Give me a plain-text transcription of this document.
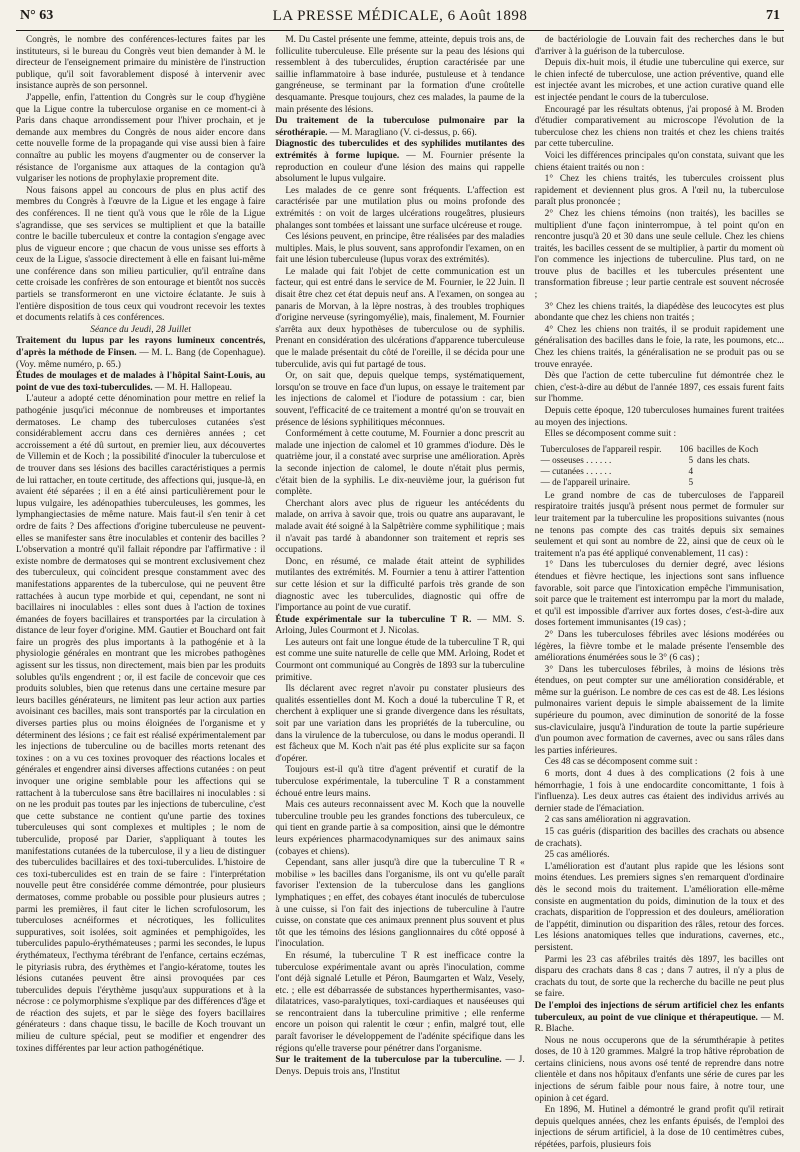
N° 63	LA PRESSE MÉDICALE, 6 Août 1898	71

Congrès, le nombre des conférences-lectures faites par les instituteurs, si le bureau du Congrès veut bien demander à M. le directeur de l'enseignement primaire du ministère de l'instruction publique, qu'il soit favorablement disposé à intervenir avec insistance auprès de son personnel.

J'appelle, enfin, l'attention du Congrès sur le coup d'hygiène que la Ligue contre la tuberculose organise en ce moment-ci à Paris dans chaque arrondissement pour l'hiver prochain, et je demande aux membres du Congrès de nous aider encore dans cette nouvelle forme de la propagande qui vise aussi bien à faire connaître au public les moyens d'augmenter ou de conserver la résistance de l'organisme aux attaques de la contagion qu'à vulgariser les notions de prophylaxie proprement dite.

Nous faisons appel au concours de plus en plus actif des membres du Congrès à l'œuvre de la Ligue et les engage à faire des conférences. Il ne tient qu'à vous que le rôle de la Ligue s'agrandisse, que ses services se multiplient et que la bataille contre le bacille tuberculeux et contre la contagion s'engage avec plus de vigueur encore ; que chacun de vous unisse ses efforts à ceux de la Ligue, s'associe directement à elle en faisant lui-même une conférence dans son milieu particulier, qu'il entraîne dans cette croisade les confrères de son entourage et bientôt nos succès partiels se transformeront en une victoire éclatante. Je suis à l'entière disposition de tous ceux qui voudront recevoir les textes et documents relatifs à ces conférences.

Séance du Jeudi, 28 Juillet

Traitement du lupus par les rayons lumineux concentrés, d'après la méthode de Finsen. — M. L. Bang (de Copenhague). (Voy. même numéro, p. 65.)

Études de moulages et de malades à l'hôpital Saint-Louis, au point de vue des toxi-tuberculides. — M. H. Hallopeau.

L'auteur a adopté cette dénomination pour mettre en relief la pathogénie jusqu'ici méconnue de nombreuses et importantes dermatoses. Le champ des tuberculoses cutanées s'est considérablement accru dans ces dernières années ; cet accroissement a été dû surtout, en premier lieu, aux découvertes de Villemin et de Koch ; la possibilité d'inoculer la tuberculose et de trouver dans ses lésions des bacilles caractéristiques a permis de lui rattacher, en toute certitude, des affections qui, jusque-là, en avaient été séparées ; il en a été ainsi particulièrement pour le lupus vulgaire, les adénopathies tuberculeuses, les gommes, les lymphangiectasies de même nature. Mais faut-il s'en tenir à cet ordre de faits ? Des affections d'origine tuberculeuse ne peuvent-elles se manifester sans être inoculables et contenir des bacilles ? L'observation a montré qu'il fallait répondre par l'affirmative : il existe nombre de dermatoses qui se montrent exclusivement chez des tuberculeux, qui coïncident presque constamment avec des manifestations apparentes de la tuberculose, qui ne peuvent être rattachées à aucun type morbide et qui, cependant, ne sont ni bacillaires ni inoculables : elles sont dues à l'action de toxines émanées de foyers bacillaires et transportées par la circulation à distance de leur foyer d'origine. MM. Gautier et Bouchard ont fait faire un progrès des plus importants à la pathogénie et à la physiologie générales en montrant que les microbes pathogènes agissent sur les tissus, non directement, mais bien par les produits solubles qu'ils engendrent ; or, il est facile de concevoir que ces produits solubles, bien que retenus dans une certaine mesure par leurs bacilles générateurs, ne limitent pas leur action aux parties avoisinant ces bacilles, mais sont transportés par la circulation en diverses parties plus ou moins éloignées de l'organisme et y déterminent des lésions ; ce fait est réalisé expérimentalement par les injections de tuberculine ou de bacilles morts retenant des toxines : on a vu ces toxines provoquer des réactions locales et générales et engendrer ainsi diverses affections cutanées : on peut invoquer une origine semblable pour les affections qui se rattachent à la tuberculose sans être bacillaires ni inoculables : si on ne les produit pas toutes par les injections de tuberculine, c'est que cette substance ne contient qu'une partie des toxines tuberculeuses qui sont complexes et multiples ; le nom de tuberculide, proposé par Darier, s'appliquant à toutes les manifestations cutanées de la tuberculose, il y a lieu de distinguer des tuberculides bacillaires et des toxi-tuberculides. L'histoire de ces toxi-tuberculides est en train de se faire : l'interprétation nouvelle peut être considérée comme démontrée, pour plusieurs dermatoses, comme probable ou possible pour plusieurs autres ; parmi les premières, il faut citer le lichen scrofulosorum, les tuberculoses acnéiformes et nécrotiques, les folliculites suppuratives, soit isolées, soit agminées et pemphigoïdes, les tuberculides papulo-érythémateuses ; parmi les secondes, le lupus érythémateux, l'ecthyma térébrant de l'enfance, certains eczémas, le pityriasis rubra, des érythèmes et l'angio-kératome, toutes les lésions cutanées peuvent être ainsi provoquées par ces tuberculides depuis l'érythème jusqu'aux suppurations et à la nécrose : ce polymorphisme s'explique par des différences d'âge et de réaction des sujets, et par le siège des foyers bacillaires générateurs : dans chaque tissu, le bacille de Koch trouvant un milieu de culture spécial, peut se modifier et engendrer des toxines différentes par leur action pathogénétique.

M. Du Castel présente une femme, atteinte, depuis trois ans, de folliculite tuberculeuse. Elle présente sur la peau des lésions qui ressemblent à des tuberculides, éruption caractérisée par une saillie inflammatoire à base indurée, pustuleuse et à tendance gangréneuse, se terminant par la formation d'une croûtelle desquamante. Presque toujours, chez ces malades, la paume de la main présente des lésions.

Du traitement de la tuberculose pulmonaire par la sérothérapie. — M. Maragliano (V. ci-dessus, p. 66).

Diagnostic des tuberculides et des syphilides mutilantes des extrémités à forme lupique. — M. Fournier présente la reproduction en couleur d'une lésion des mains qui rappelle absolument le lupus vulgaire.

Les malades de ce genre sont fréquents. L'affection est caractérisée par une mutilation plus ou moins profonde des extrémités : on voit de larges ulcérations rougeâtres, plusieurs phalanges sont tombées et laissant une surface ulcéreuse et rouge.

Ces lésions peuvent, en principe, être réalisées par des maladies multiples. Mais, le plus souvent, sans approfondir l'examen, on en fait une lésion tuberculeuse (lupus vorax des extrémités).

Le malade qui fait l'objet de cette communication est un facteur, qui est entré dans le service de M. Fournier, le 22 Juin. Il disait être chez cet état depuis neuf ans. A l'examen, on songea au panaris de Morvan, à la lèpre nostras, à des troubles trophiques d'origine nerveuse (syringomyélie), mais, finalement, M. Fournier s'arrêta aux deux hypothèses de tuberculose ou de syphilis. Prenant en considération des ulcérations d'apparence tuberculeuse que le malade présentait du côté de l'oreille, il se décida pour une tuberculide, avis qui fut partagé de tous.

Or, on sait que, depuis quelque temps, systématiquement, lorsqu'on se trouve en face d'un lupus, on essaye le traitement par les injections de calomel et l'iodure de potassium : car, bien souvent, l'efficacité de ce traitement a montré qu'on se trouvait en présence de lésions syphilitiques méconnues.

Conformément à cette coutume, M. Fournier a donc prescrit au malade une injection de calomel et 10 grammes d'iodure. Dès le quatrième jour, il a constaté avec surprise une amélioration. Après la seconde injection de calomel, le doute n'était plus permis, c'était bien de la syphilis. Le dix-neuvième jour, la guérison fut complète.

Cherchant alors avec plus de rigueur les antécédents du malade, on arriva à savoir que, trois ou quatre ans auparavant, le malade avait été soigné à la Salpêtrière comme syphilitique ; mais il n'avait pas tardé à abandonner son traitement et repris ses occupations.

Donc, en résumé, ce malade était atteint de syphilides mutilantes des extrémités. M. Fournier a tenu à attirer l'attention sur cette lésion et sur la difficulté parfois très grande de son diagnostic avec les tuberculides, diagnostic qui offre de l'importance au point de vue curatif.

Étude expérimentale sur la tuberculine T R. — MM. S. Arloing, Jules Courmont et J. Nicolas.

Les auteurs ont fait une longue étude de la tuberculine T R, qui est comme une suite naturelle de celle que MM. Arloing, Rodet et Courmont ont communiqué au Congrès de 1893 sur la tuberculine primitive.

Ils déclarent avec regret n'avoir pu constater plusieurs des qualités essentielles dont M. Koch a doué la tuberculine T R, et cherchent à expliquer une si grande divergence dans les résultats, soit par une variation dans les propriétés de la tuberculine, ou dans la virulence de la tuberculose, ou dans le modus operandi. Il est fâcheux que M. Koch n'ait pas été plus explicite sur sa façon d'opérer.

Toujours est-il qu'à titre d'agent préventif et curatif de la tuberculose expérimentale, la tuberculine T R a constamment échoué entre leurs mains.

Mais ces auteurs reconnaissent avec M. Koch que la nouvelle tuberculine trouble peu les grandes fonctions des tuberculeux, ce qui tient en grande partie à sa composition, ainsi que le démontre leurs expériences pharmacodynamiques sur des animaux sains (cobayes et chiens).

Cependant, sans aller jusqu'à dire que la tuberculine T R « mobilise » les bacilles dans l'organisme, ils ont vu qu'elle paraît favoriser l'extension de la tuberculose dans les ganglions lymphatiques ; en effet, des cobayes étant inoculés de tuberculose à une cuisse, si l'on fait des injections de tuberculine à l'autre cuisse, on constate que ces animaux prennent plus souvent et plus tôt que les témoins des lésions ganglionnaires du côté opposé à l'inoculation.

En résumé, la tuberculine T R est inefficace contre la tuberculose expérimentale avant ou après l'inoculation, comme l'ont déjà signalé Letulle et Péron, Baumgarten et Walz, Vesely, etc. ; elle est débarrassée de substances hyperthermisantes, vaso-dilatatrices, vaso-paralytiques, toxi-cardiaques et nauséeuses qui se rencontraient dans la tuberculine primitive ; elle renferme encore un poison qui ralentit le cœur ; enfin, malgré tout, elle paraît favoriser le développement de l'adénite spécifique dans les régions qu'elle traverse pour pénétrer dans l'organisme.

Sur le traitement de la tuberculose par la tuberculine. — J. Denys. Depuis trois ans, l'Institut

de bactériologie de Louvain fait des recherches dans le but d'arriver à la guérison de la tuberculose.

Depuis dix-huit mois, il étudie une tuberculine qui exerce, sur le chien infecté de tuberculose, une action préventive, quand elle est injectée avant les microbes, et une action curative quand elle est injectée pendant le cours de la tuberculose.

Encouragé par les résultats obtenus, j'ai proposé à M. Broden d'étudier comparativement au microscope l'évolution de la tuberculose chez les chiens non traités et chez les chiens traités par cette tuberculine.

Voici les différences principales qu'on constata, suivant que les chiens étaient traités ou non :

1° Chez les chiens traités, les tubercules croissent plus rapidement et deviennent plus gros. A l'œil nu, la tuberculose paraît plus prononcée ;

2° Chez les chiens témoins (non traités), les bacilles se multiplient d'une façon ininterrompue, à tel point qu'on en rencontre jusqu'à 20 et 30 dans une seule cellule. Chez les chiens traités, les bacilles cessent de se multiplier, à partir du moment où l'on commence les injections de tuberculine. Plus tard, on ne trouve plus de bacilles et les tubercules présentent une transformation fibreuse ; leur partie centrale est souvent nécrosée ;

3° Chez les chiens traités, la diapédèse des leucocytes est plus abondante que chez les chiens non traités ;

4° Chez les chiens non traités, il se produit rapidement une généralisation des bacilles dans le foie, la rate, les poumons, etc... Chez les chiens traités, la généralisation ne se produit pas ou se trouve enrayée.

Dès que l'action de cette tuberculine fut démontrée chez le chien, c'est-à-dire au début de l'année 1897, ces essais furent faits sur l'homme.

Depuis cette époque, 120 tuberculoses humaines furent traitées au moyen des injections.

Elles se décomposent comme suit :

Tuberculoses de l'appareil respir.	106 bacilles de Koch
— osseuses . . . . . .	5 dans les chats.
— cutanées . . . . . .	4
— de l'appareil urinaire.	5

Le grand nombre de cas de tuberculoses de l'appareil respiratoire traités jusqu'à présent nous permet de formuler sur leur traitement par la tuberculine les propositions suivantes (nous ne tenons pas compte des cas traités depuis six semaines seulement et qui sont au nombre de 22, ainsi que de ceux où le traitement n'a pas été appliqué convenablement, 11 cas) :

1° Dans les tuberculoses du dernier degré, avec lésions étendues et fièvre hectique, les injections sont sans influence favorable, soit parce que l'intoxication empêche l'immunisation, soit parce que le traitement est interrompu par la mort du malade, et qu'il est impossible d'arriver aux fortes doses, c'est-à-dire aux doses fortement immunisantes (19 cas) ;

2° Dans les tuberculoses fébriles avec lésions modérées ou légères, la fièvre tombe et le malade présente l'ensemble des améliorations énumérées sous le 3° (6 cas) ;

3° Dans les tuberculoses fébriles, à moins de lésions très étendues, on peut compter sur une amélioration considérable, et même sur la guérison. Le nombre de ces cas est de 48. Les lésions pulmonaires varient depuis le simple abaissement de la limite supérieure du poumon, avec diminution de sonorité de la fosse sus-claviculaire, jusqu'à l'induration de toute la partie supérieure d'un poumon avec formation de cavernes, avec ou sans râles dans les parties inférieures.

Ces 48 cas se décomposent comme suit :

6 morts, dont 4 dues à des complications (2 fois à une hémorrhagie, 1 fois à une endocardite concomittante, 1 fois à l'influenza). Les deux autres cas étaient des individus arrivés au dernier stade de l'émaciation.

2 cas sans amélioration ni aggravation.

15 cas guéris (disparition des bacilles des crachats ou absence de crachats).

25 cas améliorés.

L'amélioration est d'autant plus rapide que les lésions sont moins étendues. Les premiers signes s'en remarquent d'ordinaire dès le second mois du traitement. L'amélioration elle-même consiste en augmentation du poids, diminution de la toux et des crachats, disparition de l'oppression et des douleurs, amélioration de l'appétit, diminution ou disparition des râles, retour des forces. Les lésions anatomiques telles que indurations, cavernes, etc., persistent.

Parmi les 23 cas afébriles traités dès 1897, les bacilles ont disparu des crachats dans 8 cas ; dans 7 autres, il n'y a plus de crachats du tout, de sorte que la recherche du bacille ne peut plus se faire.

De l'emploi des injections de sérum artificiel chez les enfants tuberculeux, au point de vue clinique et thérapeutique. — M. R. Blache.

Nous ne nous occuperons que de la sérumthérapie à petites doses, de 10 à 120 grammes. Malgré la trop hâtive réprobation de certains cliniciens, nous avons osé tenté de reprendre dans notre clientèle et dans nos hôpitaux d'enfants une série de cures par les injections de sérum faible pour nous faire, à notre tour, une opinion à cet égard.

En 1896, M. Hutinel a démontré le grand profit qu'il retirait depuis quelques années, chez les enfants épuisés, de l'emploi des injections de sérum artificiel, à la dose de 10 centimètres cubes, répétées, parfois, plusieurs fois
